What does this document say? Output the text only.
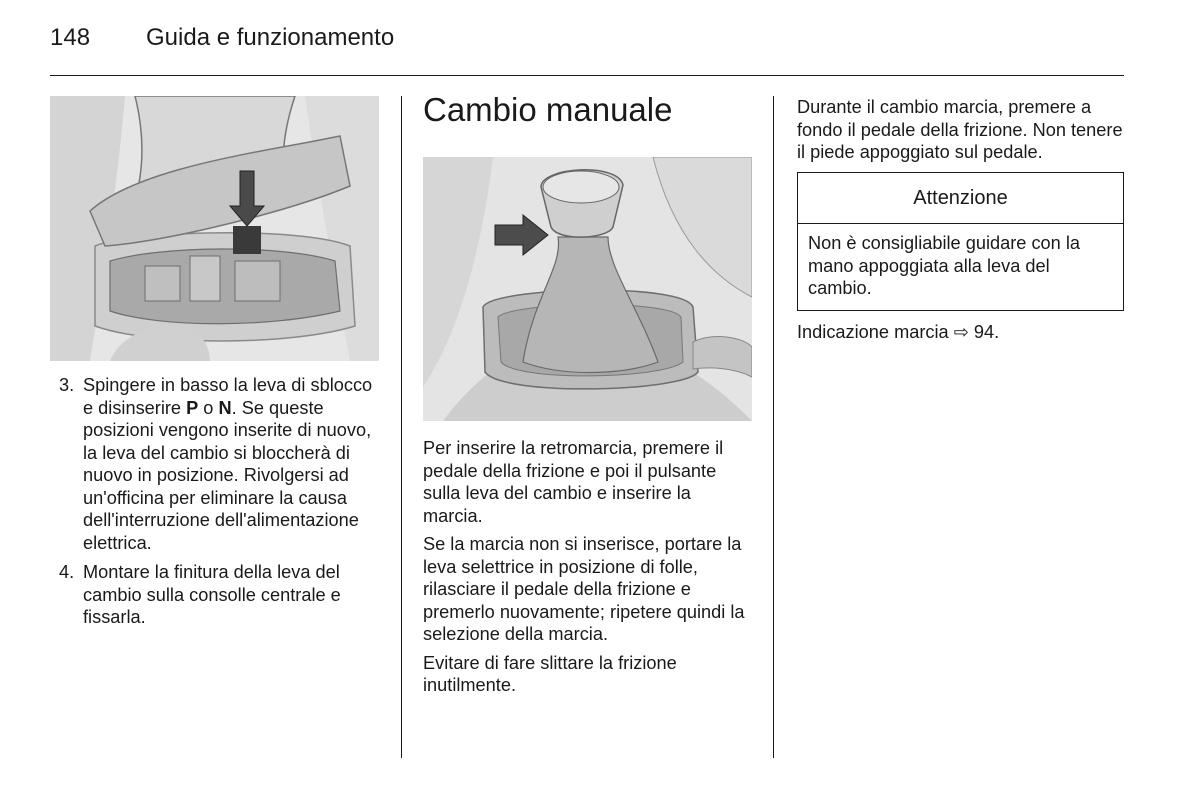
148 Guida e funzionamento
3. Spingere in basso la leva di sblocco e disinserire P o N. Se queste posizioni vengono inserite di nuovo, la leva del cambio si bloccherà di nuovo in posizione. Rivolgersi ad un'officina per eliminare la causa dell'interruzione dell'alimentazione elettrica.
4. Montare la finitura della leva del cambio sulla consolle centrale e fissarla.
Cambio manuale

Per inserire la retromarcia, premere il pedale della frizione e poi il pulsante sulla leva del cambio e inserire la marcia.

Se la marcia non si inserisce, portare la leva selettrice in posizione di folle, rilasciare il pedale della frizione e premerlo nuovamente; ripetere quindi la selezione della marcia.

Evitare di fare slittare la frizione inutilmente.

Durante il cambio marcia, premere a fondo il pedale della frizione. Non tenere il piede appoggiato sul pedale.

Attenzione

Non è consigliabile guidare con la mano appoggiata alla leva del cambio.

Indicazione marcia ⇨ 94.
